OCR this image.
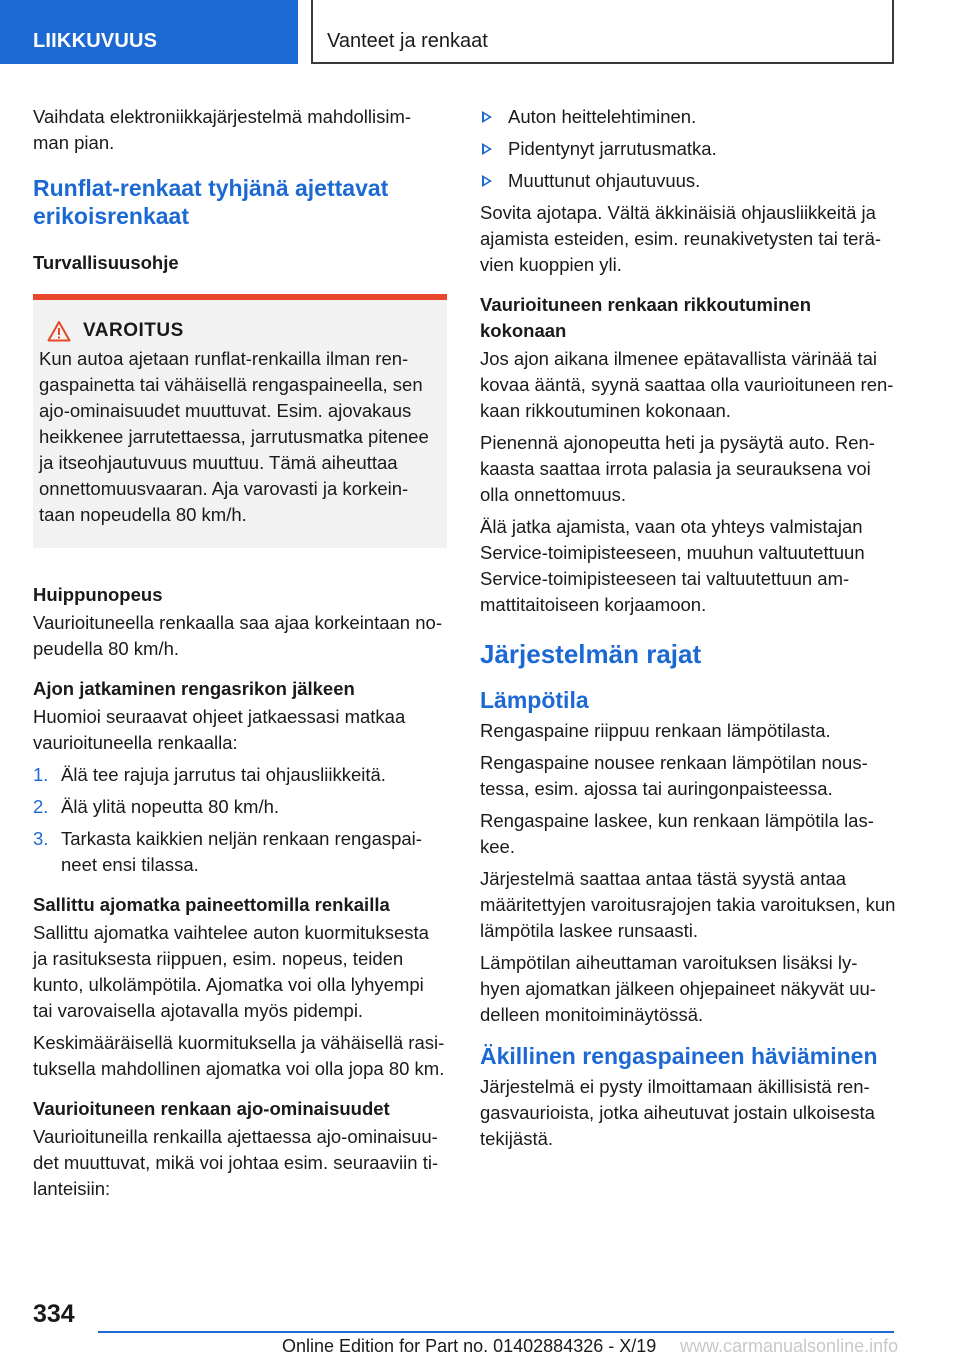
LIIKKUVUUS	Vanteet ja renkaat

Vaihdata elektroniikkajärjestelmä mahdollisim-man pian.

Runflat-renkaat tyhjänä ajettavat erikoisrenkaat

Turvallisuusohje

VAROITUS

Kun autoa ajetaan runflat-renkailla ilman ren-gaspainetta tai vähäisellä rengaspaineella, sen ajo-ominaisuudet muuttuvat. Esim. ajovakaus heikkenee jarrutettaessa, jarrutusmatka pitenee ja itseohjautuvuus muuttuu. Tämä aiheuttaa onnettomuusvaaran. Aja varovasti ja korkein-taan nopeudella 80 km/h.

Huippunopeus

Vaurioituneella renkaalla saa ajaa korkeintaan no-peudella 80 km/h.

Ajon jatkaminen rengasrikon jälkeen

Huomioi seuraavat ohjeet jatkaessasi matkaa vaurioituneella renkaalla:

1. Älä tee rajuja jarrutus tai ohjausliikkeitä.
2. Älä ylitä nopeutta 80 km/h.
3. Tarkasta kaikkien neljän renkaan rengaspai-neet ensi tilassa.

Sallittu ajomatka paineettomilla renkailla

Sallittu ajomatka vaihtelee auton kuormituksesta ja rasituksesta riippuen, esim. nopeus, teiden kunto, ulkolämpötila. Ajomatka voi olla lyhyempi tai varovaisella ajotavalla myös pidempi.

Keskimääräisellä kuormituksella ja vähäisellä rasi-tuksella mahdollinen ajomatka voi olla jopa 80 km.

Vaurioituneen renkaan ajo-ominaisuudet

Vaurioituneilla renkailla ajettaessa ajo-ominaisuu-det muuttuvat, mikä voi johtaa esim. seuraaviin ti-lanteisiin:

Auton heittelehtiminen.
Pidentynyt jarrutusmatka.
Muuttunut ohjautuvuus.

Sovita ajotapa. Vältä äkkinäisiä ohjausliikkeitä ja ajamista esteiden, esim. reunakivetysten tai terä-vien kuoppien yli.

Vaurioituneen renkaan rikkoutuminen kokonaan

Jos ajon aikana ilmenee epätavallista värinää tai kovaa ääntä, syynä saattaa olla vaurioituneen ren-kaan rikkoutuminen kokonaan.

Pienennä ajonopeutta heti ja pysäytä auto. Ren-kaasta saattaa irrota palasia ja seurauksena voi olla onnettomuus.

Älä jatka ajamista, vaan ota yhteys valmistajan Service-toimipisteeseen, muuhun valtuutettuun Service-toimipisteeseen tai valtuutettuun am-mattitaitoiseen korjaamoon.

Järjestelmän rajat
Lämpötila

Rengaspaine riippuu renkaan lämpötilasta.

Rengaspaine nousee renkaan lämpötilan nous-tessa, esim. ajossa tai auringonpaisteessa.

Rengaspaine laskee, kun renkaan lämpötila las-kee.

Järjestelmä saattaa antaa tästä syystä antaa määritettyjen varoitusrajojen takia varoituksen, kun lämpötila laskee runsaasti.

Lämpötilan aiheuttaman varoituksen lisäksi ly-hyen ajomatkan jälkeen ohjepaineet näkyvät uu-delleen monitoiminäytössä.

Äkillinen rengaspaineen häviäminen

Järjestelmä ei pysty ilmoittamaan äkillisistä ren-gasvaurioista, jotka aiheutuvat jostain ulkoisesta tekijästä.

334
Online Edition for Part no. 01402884326 - X/19 www.carmanualsonline.info
